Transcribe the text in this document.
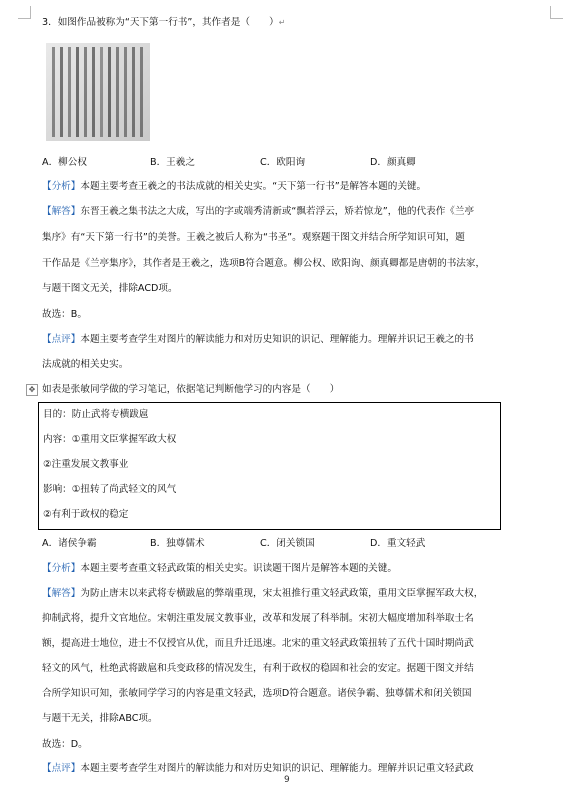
3．如图作品被称为“天下第一行书”，其作者是（　　）↵
A．柳公权	B．王羲之	C．欧阳询	D．颜真卿
【分析】本题主要考查王羲之的书法成就的相关史实。“天下第一行书”是解答本题的关键。
【解答】东晋王羲之集书法之大成，写出的字或端秀清新或“飘若浮云，矫若惊龙”，他的代表作《兰亭
集序》有“天下第一行书”的美誉。王羲之被后人称为“书圣”。观察题干图文并结合所学知识可知，题
干作品是《兰亭集序》，其作者是王羲之，选项B符合题意。柳公权、欧阳询、颜真卿都是唐朝的书法家，
与题干图文无关，排除ACD项。
故选：B。
【点评】本题主要考查学生对图片的解读能力和对历史知识的识记、理解能力。理解并识记王羲之的书
法成就的相关史实。
✥ 如表是张敏同学做的学习笔记，依据笔记判断他学习的内容是（　　）
目的：防止武将专横跋扈
内容：①重用文臣掌握军政大权
②注重发展文教事业
影响：①扭转了尚武轻文的风气
②有利于政权的稳定
A．诸侯争霸	B．独尊儒术	C．闭关锁国	D．重文轻武
【分析】本题主要考查重文轻武政策的相关史实。识读题干图片是解答本题的关键。
【解答】为防止唐末以来武将专横跋扈的弊端重现，宋太祖推行重文轻武政策，重用文臣掌握军政大权，
抑制武将，提升文官地位。宋朝注重发展文教事业，改革和发展了科举制。宋初大幅度增加科举取士名
额，提高进士地位，进士不仅授官从优，而且升迁迅速。北宋的重文轻武政策扭转了五代十国时期尚武
轻文的风气，杜绝武将跋扈和兵变政移的情况发生，有利于政权的稳固和社会的安定。据题干图文并结
合所学知识可知，张敏同学学习的内容是重文轻武，选项D符合题意。诸侯争霸、独尊儒术和闭关锁国
与题干无关，排除ABC项。
故选：D。
【点评】本题主要考查学生对图片的解读能力和对历史知识的识记、理解能力。理解并识记重文轻武政
9
